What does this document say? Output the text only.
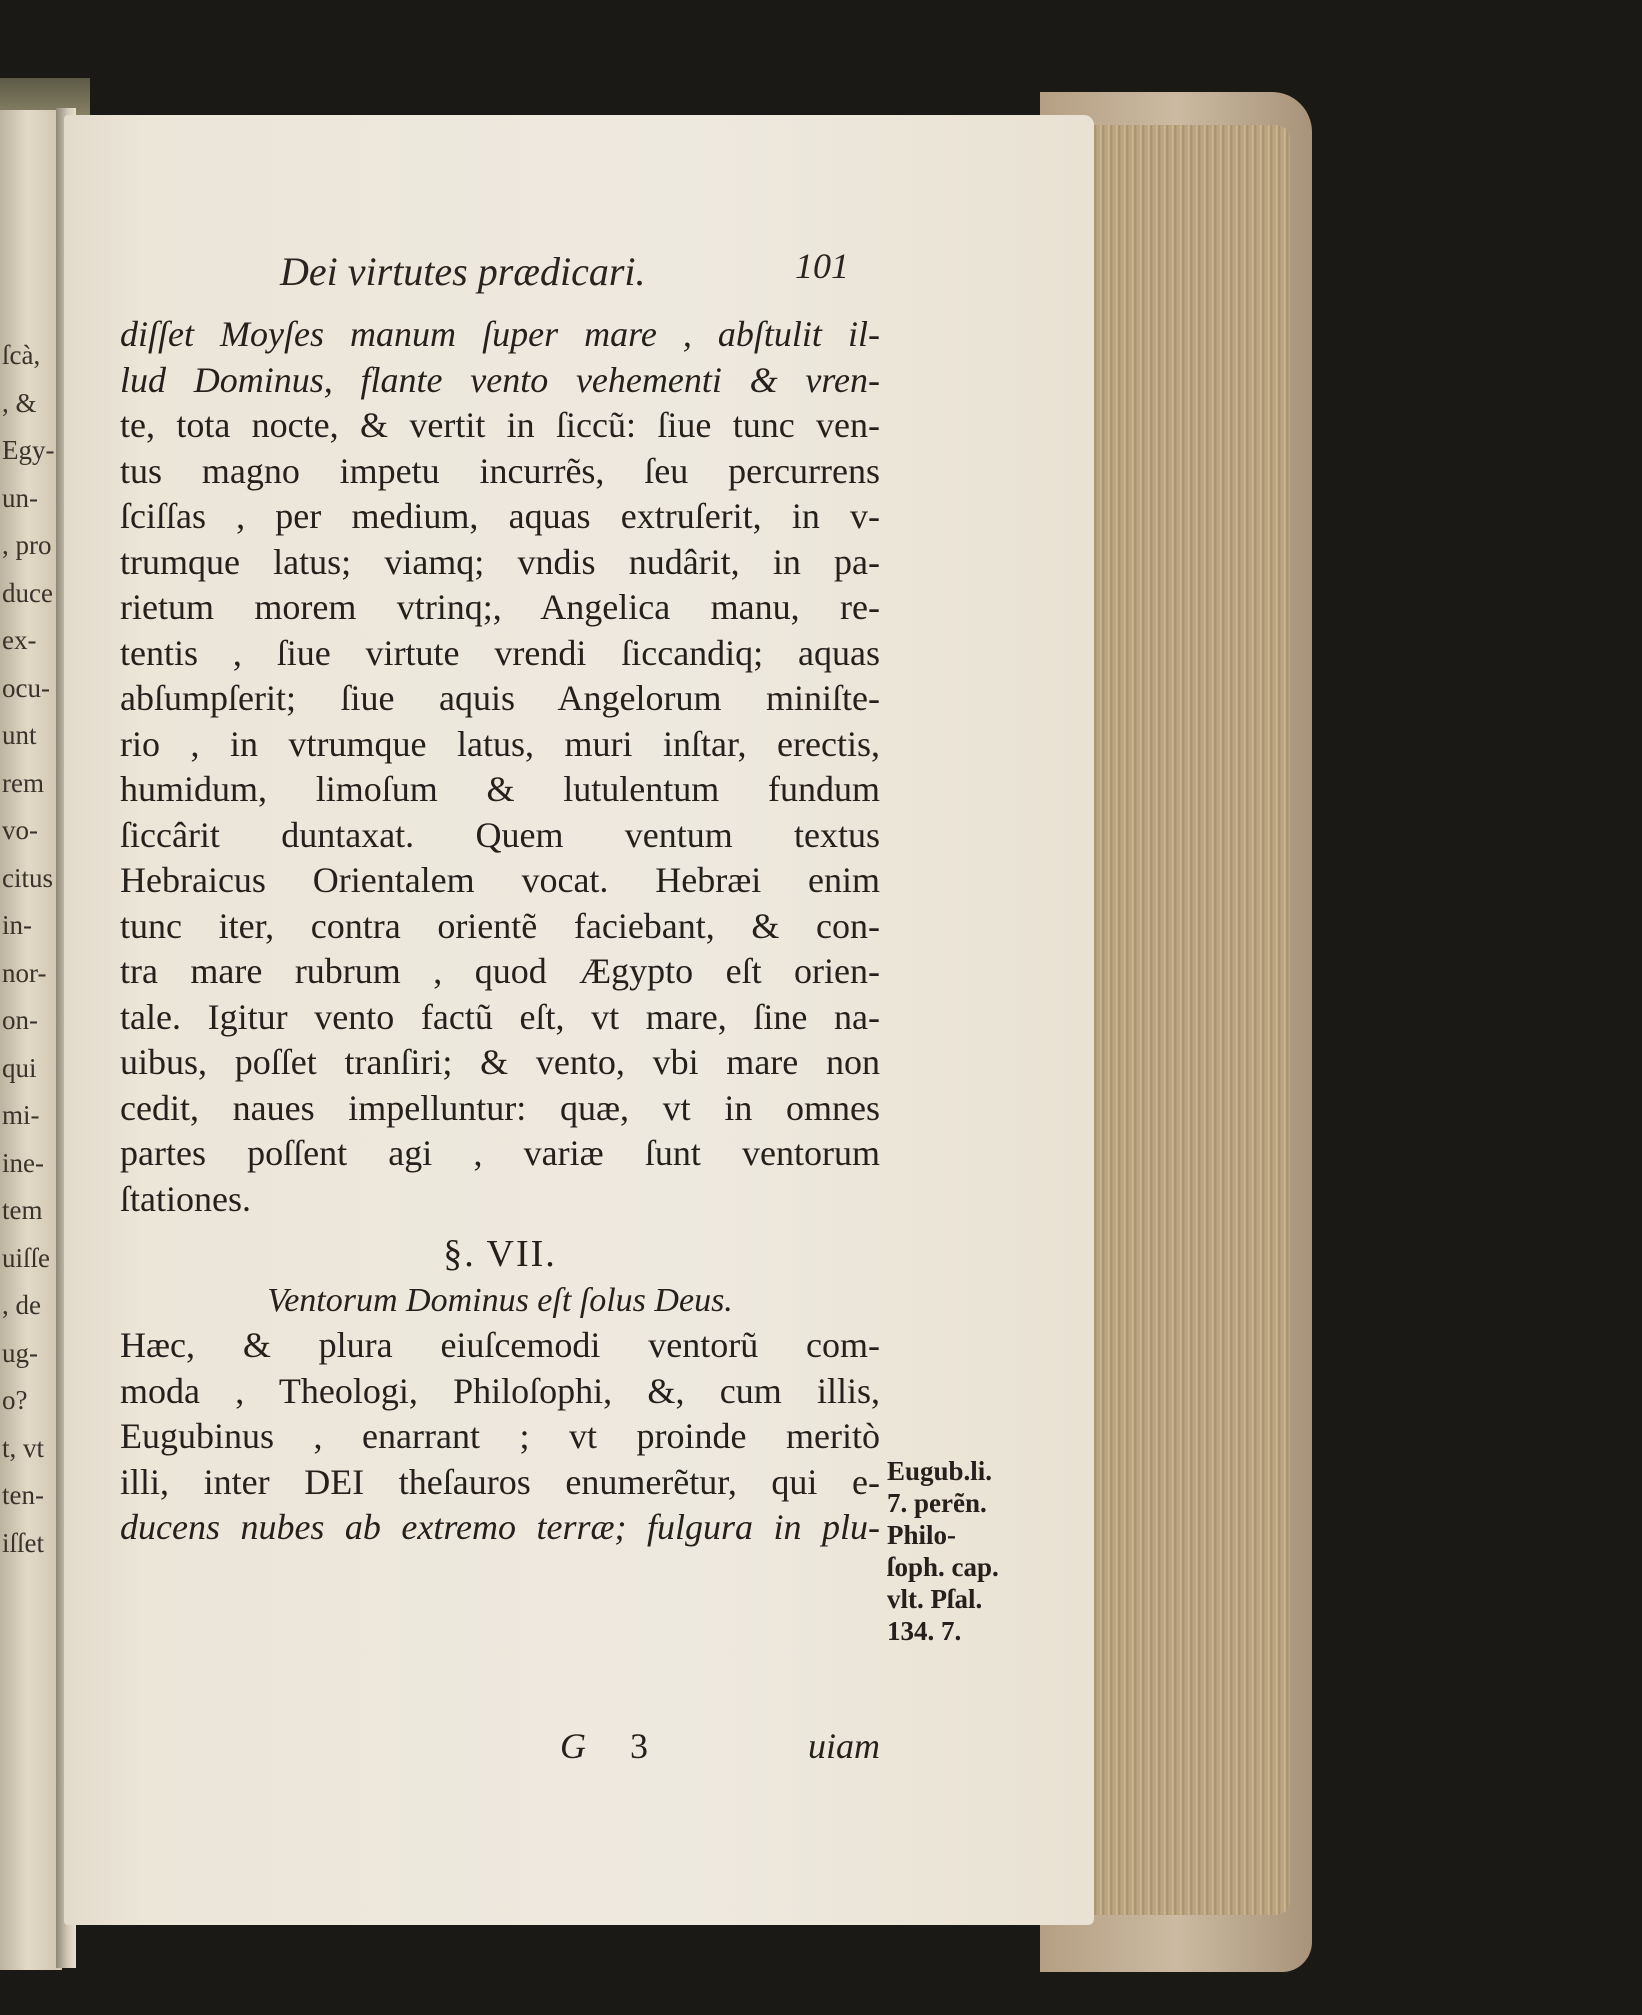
ſcà,
, &
Egy-
un-
, pro
duce
ex-
ocu-
unt
rem
vo-
citus
in-
nor-
on-
qui
mi-
ine-
tem
uiſſe
, de
ug-
o?
t, vt
ten-
iſſet
Dei virtutes prædicari.	101
diſſet Moyſes manum ſuper mare , abſtulit il-
lud Dominus, flante vento vehementi & vren-
te, tota nocte, & vertit in ſiccũ: ſiue tunc ven-
tus magno impetu incurrẽs, ſeu percurrens
ſciſſas , per medium, aquas extruſerit, in v-
trumque latus; viamq; vndis nudârit, in pa-
rietum morem vtrinq;, Angelica manu, re-
tentis , ſiue virtute vrendi ſiccandiq; aquas
abſumpſerit; ſiue aquis Angelorum miniſte-
rio , in vtrumque latus, muri inſtar, erectis,
humidum, limoſum & lutulentum fundum
ſiccârit duntaxat. Quem ventum textus
Hebraicus Orientalem vocat. Hebræi enim
tunc iter, contra orientẽ faciebant, & con-
tra mare rubrum , quod Ægypto eſt orien-
tale. Igitur vento factũ eſt, vt mare, ſine na-
uibus, poſſet tranſiri; & vento, vbi mare non
cedit, naues impelluntur: quæ, vt in omnes
partes poſſent agi , variæ ſunt ventorum
ſtationes.
§. VII.
Ventorum Dominus eſt ſolus Deus.
Hæc, & plura eiuſcemodi ventorũ com-
moda , Theologi, Philoſophi, &, cum illis,
Eugubinus , enarrant ; vt proinde meritò
illi, inter DEI theſauros enumerẽtur, qui e-
ducens nubes ab extremo terræ; fulgura in plu-
G 3	uiam
Eugub.li.
7. perẽn.
Philo-
ſoph. cap.
vlt. Pſal.
134. 7.
